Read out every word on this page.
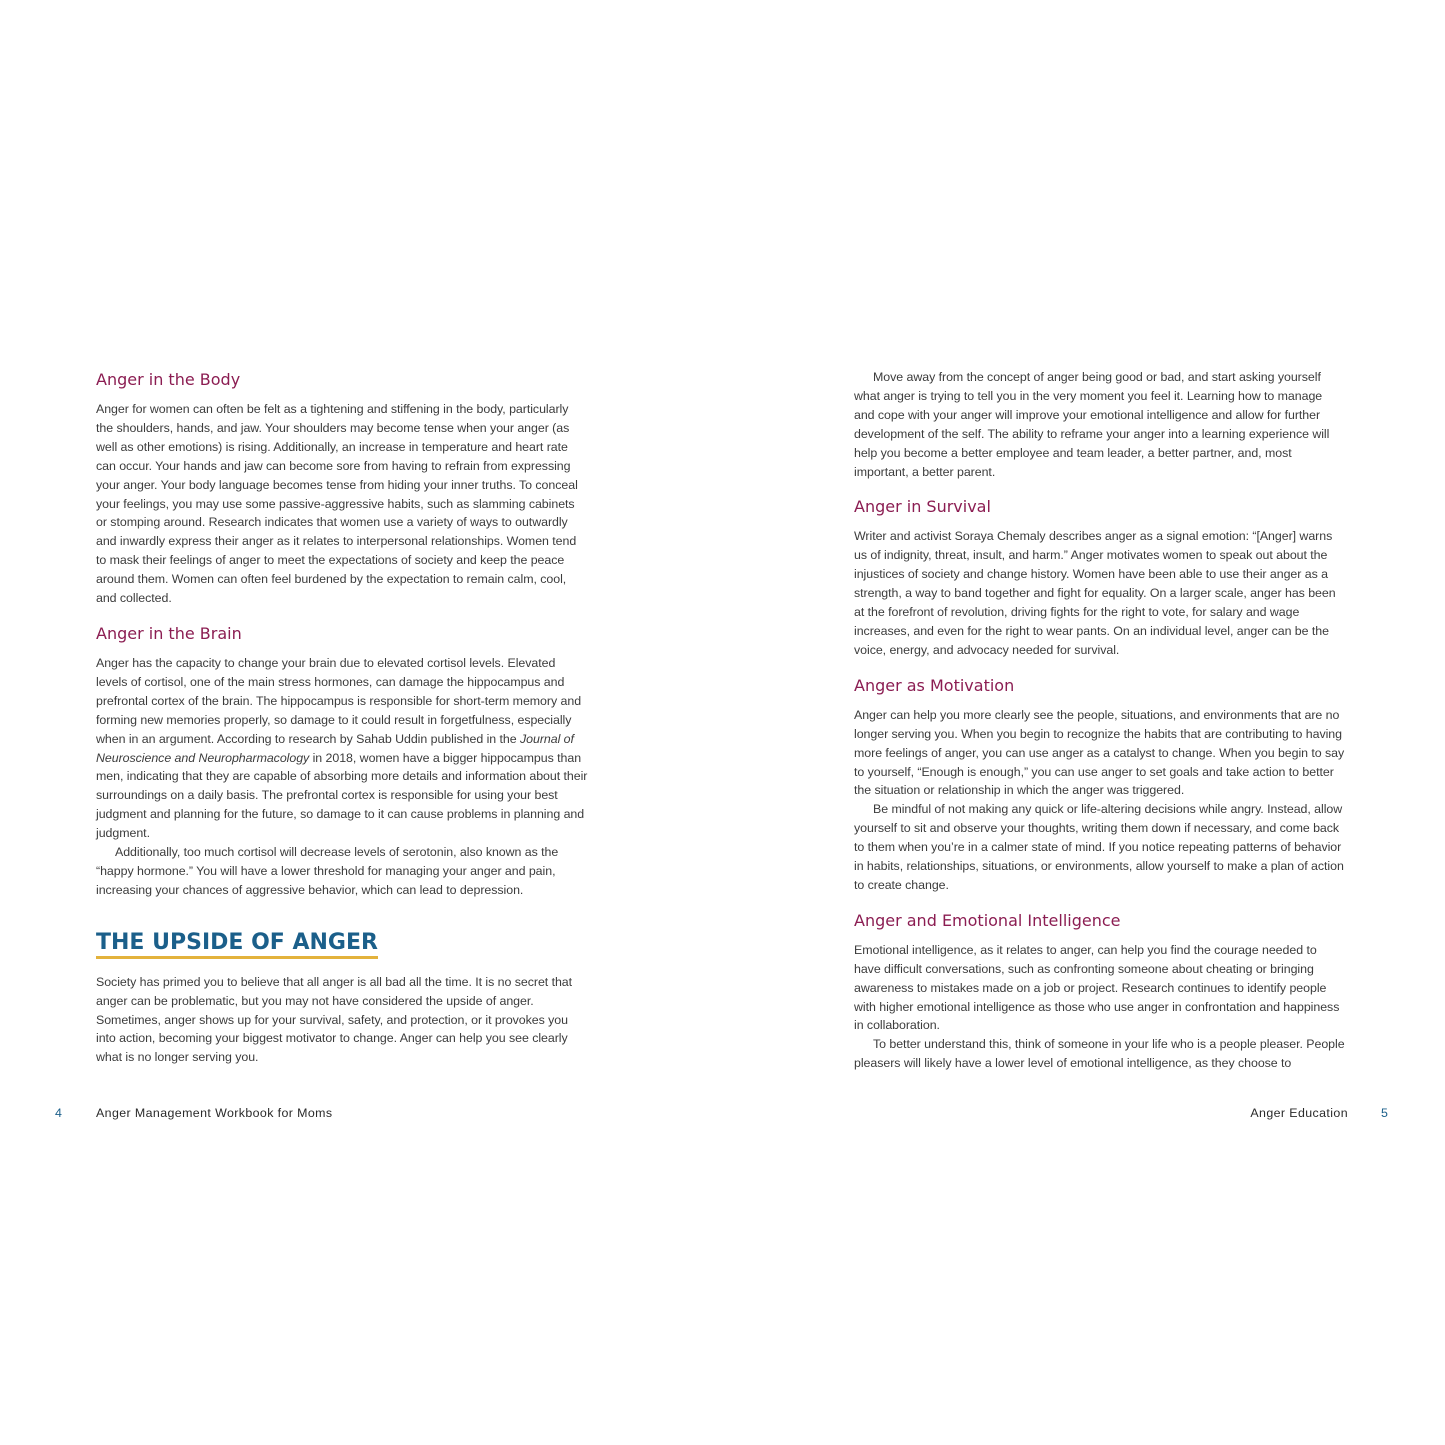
Anger in the Body

Anger for women can often be felt as a tightening and stiffening in the body, particularly the shoulders, hands, and jaw. Your shoulders may become tense when your anger (as well as other emotions) is rising. Additionally, an increase in temperature and heart rate can occur. Your hands and jaw can become sore from having to refrain from expressing your anger. Your body language becomes tense from hiding your inner truths. To conceal your feelings, you may use some passive-aggressive habits, such as slamming cabinets or stomping around. Research indicates that women use a variety of ways to outwardly and inwardly express their anger as it relates to interpersonal relationships. Women tend to mask their feelings of anger to meet the expectations of society and keep the peace around them. Women can often feel burdened by the expectation to remain calm, cool, and collected.

Anger in the Brain

Anger has the capacity to change your brain due to elevated cortisol levels. Elevated levels of cortisol, one of the main stress hormones, can damage the hippocampus and prefrontal cortex of the brain. The hippocampus is responsible for short-term memory and forming new memories properly, so damage to it could result in forgetfulness, especially when in an argument. According to research by Sahab Uddin published in the Journal of Neuroscience and Neuropharmacology in 2018, women have a bigger hippocampus than men, indicating that they are capable of absorbing more details and information about their surroundings on a daily basis. The prefrontal cortex is responsible for using your best judgment and planning for the future, so damage to it can cause problems in planning and judgment.

Additionally, too much cortisol will decrease levels of serotonin, also known as the “happy hormone.” You will have a lower threshold for managing your anger and pain, increasing your chances of aggressive behavior, which can lead to depression.

THE UPSIDE OF ANGER

Society has primed you to believe that all anger is all bad all the time. It is no secret that anger can be problematic, but you may not have considered the upside of anger. Sometimes, anger shows up for your survival, safety, and protection, or it provokes you into action, becoming your biggest motivator to change. Anger can help you see clearly what is no longer serving you.

Move away from the concept of anger being good or bad, and start asking yourself what anger is trying to tell you in the very moment you feel it. Learning how to manage and cope with your anger will improve your emotional intelligence and allow for further development of the self. The ability to reframe your anger into a learning experience will help you become a better employee and team leader, a better partner, and, most important, a better parent.

Anger in Survival

Writer and activist Soraya Chemaly describes anger as a signal emotion: “[Anger] warns us of indignity, threat, insult, and harm.” Anger motivates women to speak out about the injustices of society and change history. Women have been able to use their anger as a strength, a way to band together and fight for equality. On a larger scale, anger has been at the forefront of revolution, driving fights for the right to vote, for salary and wage increases, and even for the right to wear pants. On an individual level, anger can be the voice, energy, and advocacy needed for survival.

Anger as Motivation

Anger can help you more clearly see the people, situations, and environments that are no longer serving you. When you begin to recognize the habits that are contributing to having more feelings of anger, you can use anger as a catalyst to change. When you begin to say to yourself, “Enough is enough,” you can use anger to set goals and take action to better the situation or relationship in which the anger was triggered.

Be mindful of not making any quick or life-altering decisions while angry. Instead, allow yourself to sit and observe your thoughts, writing them down if necessary, and come back to them when you’re in a calmer state of mind. If you notice repeating patterns of behavior in habits, relationships, situations, or environments, allow yourself to make a plan of action to create change.

Anger and Emotional Intelligence

Emotional intelligence, as it relates to anger, can help you find the courage needed to have difficult conversations, such as confronting someone about cheating or bringing awareness to mistakes made on a job or project. Research continues to identify people with higher emotional intelligence as those who use anger in confrontation and happiness in collaboration.

To better understand this, think of someone in your life who is a people pleaser. People pleasers will likely have a lower level of emotional intelligence, as they choose to

4	Anger Management Workbook for Moms	Anger Education	5
